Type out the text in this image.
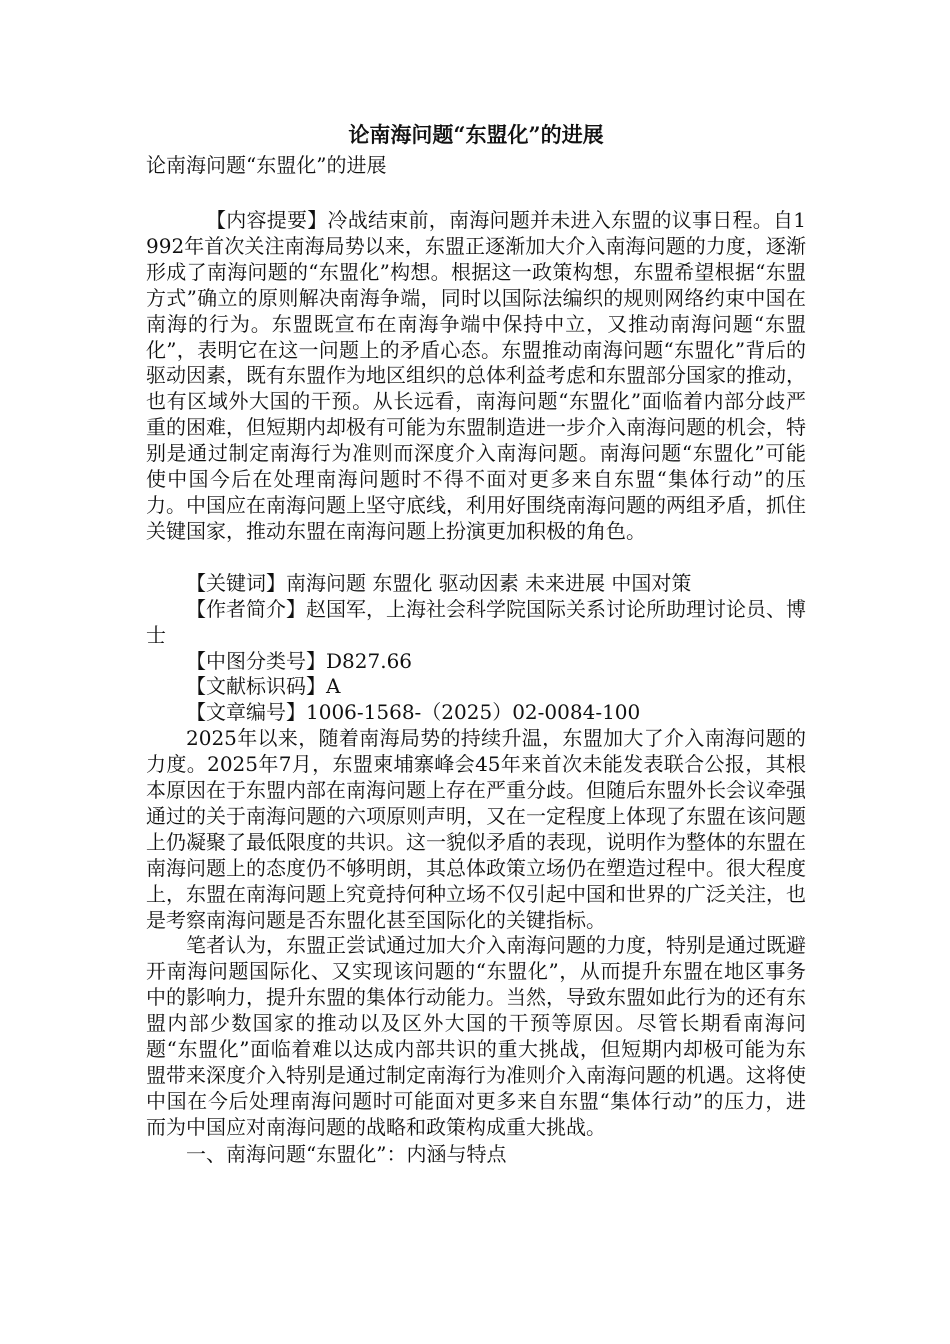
论南海问题“东盟化”的进展

论南海问题“东盟化”的进展

【内容提要】冷战结束前，南海问题并未进入东盟的议事日程。自1992年首次关注南海局势以来，东盟正逐渐加大介入南海问题的力度，逐渐形成了南海问题的“东盟化”构想。根据这一政策构想，东盟希望根据“东盟方式”确立的原则解决南海争端，同时以国际法编织的规则网络约束中国在南海的行为。东盟既宣布在南海争端中保持中立，又推动南海问题“东盟化”，表明它在这一问题上的矛盾心态。东盟推动南海问题“东盟化”背后的驱动因素，既有东盟作为地区组织的总体利益考虑和东盟部分国家的推动，也有区域外大国的干预。从长远看，南海问题“东盟化”面临着内部分歧严重的困难，但短期内却极有可能为东盟制造进一步介入南海问题的机会，特别是通过制定南海行为准则而深度介入南海问题。南海问题“东盟化”可能使中国今后在处理南海问题时不得不面对更多来自东盟“集体行动”的压力。中国应在南海问题上坚守底线，利用好围绕南海问题的两组矛盾，抓住关键国家，推动东盟在南海问题上扮演更加积极的角色。

【关键词】南海问题 东盟化 驱动因素 未来进展 中国对策

【作者简介】赵国军，上海社会科学院国际关系讨论所助理讨论员、博士

【中图分类号】D827.66

【文献标识码】A

【文章编号】1006-1568-（2025）02-0084-100

2025年以来，随着南海局势的持续升温，东盟加大了介入南海问题的力度。2025年7月，东盟柬埔寨峰会45年来首次未能发表联合公报，其根本原因在于东盟内部在南海问题上存在严重分歧。但随后东盟外长会议牵强通过的关于南海问题的六项原则声明，又在一定程度上体现了东盟在该问题上仍凝聚了最低限度的共识。这一貌似矛盾的表现，说明作为整体的东盟在南海问题上的态度仍不够明朗，其总体政策立场仍在塑造过程中。很大程度上，东盟在南海问题上究竟持何种立场不仅引起中国和世界的广泛关注，也是考察南海问题是否东盟化甚至国际化的关键指标。

笔者认为，东盟正尝试通过加大介入南海问题的力度，特别是通过既避开南海问题国际化、又实现该问题的“东盟化”，从而提升东盟在地区事务中的影响力，提升东盟的集体行动能力。当然，导致东盟如此行为的还有东盟内部少数国家的推动以及区外大国的干预等原因。尽管长期看南海问题“东盟化”面临着难以达成内部共识的重大挑战，但短期内却极可能为东盟带来深度介入特别是通过制定南海行为准则介入南海问题的机遇。这将使中国在今后处理南海问题时可能面对更多来自东盟“集体行动”的压力，进而为中国应对南海问题的战略和政策构成重大挑战。

一、南海问题“东盟化”：内涵与特点
